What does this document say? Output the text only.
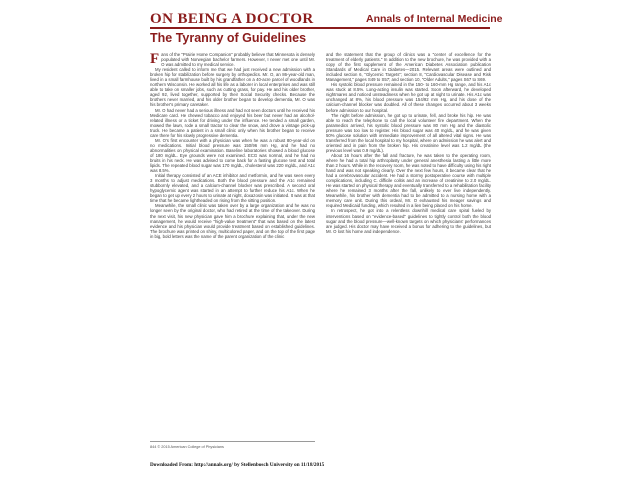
ON BEING A DOCTOR	Annals of Internal Medicine
The Tyranny of Guidelines

Fans of the "Prairie Home Companion" probably believe that Minnesota is densely populated with Norwegian bachelor farmers. However, I never met one until Mr. O was admitted to my medical service.

My resident called to inform me that we had just received a new admission with a broken hip for stabilization before surgery by orthopedics. Mr. O, an 86-year-old man, lived in a small farmhouse built by his grandfather on a 40-acre parcel of woodlands in northern Wisconsin. He worked all his life as a laborer in local enterprises and was still able to take on smaller jobs, such as cutting grass, for pay. He and his older brother, aged 92, lived together, supported by their Social Security checks. Because the brothers never married, and his older brother began to develop dementia, Mr. O was his brother's primary caretaker.

Mr. O had never had a serious illness and had not seen doctors until he received his Medicare card. He chewed tobacco and enjoyed his beer but never had an alcohol-related illness or a ticket for driving under the influence. He tended a small garden, mowed the lawn, rode a small tractor to clear the snow, and drove a vintage pick-up truck. He became a patient in a small clinic only when his brother began to receive care there for his slowly progressive dementia.

Mr. O's first encounter with a physician was when he was a robust 80-year-old on no medications. Initial blood pressure was 150/96 mm Hg, and he had no abnormalities on physical examination. Baseline laboratories showed a blood glucose of 180 mg/dL. Eye grounds were not examined. ECG was normal, and he had no bruits in his neck. He was advised to come back for a fasting glucose test and total lipids. The repeated blood sugar was 170 mg/dL, cholesterol was 220 mg/dL, and A1c was 8.5%.

Initial therapy consisted of an ACE inhibitor and metformin, and he was seen every 3 months to adjust medications. Both the blood pressure and the A1c remained stubbornly elevated, and a calcium-channel blocker was prescribed. A second oral hypoglycemic agent was started in an attempt to further reduce his A1c. When he began to get up every 2 hours to urinate at night, doxazosin was initiated. It was at that time that he became lightheaded on rising from the sitting position.

Meanwhile, the small clinic was taken over by a large organization and he was no longer seen by the original doctor, who had retired at the time of the takeover. During the next visit, his new physician gave him a brochure explaining that, under the new management, he would receive "high-value treatment" that was based on the latest evidence and his physician would provide treatment based on established guidelines. The brochure was printed on shiny, multicolored paper, and on the top of the first page in big, bold letters was the name of the parent organization of the clinic

and the statement that the group of clinics was a "center of excellence for the treatment of elderly patients." In addition to the new brochure, he was provided with a copy of the first supplement of the American Diabetes Association publication Standards of Medical Care in Diabetes—2015. Relevant areas were outlined and included section 6, "Glycemic Targets"; section 8, "Cardiovascular Disease and Risk Management," pages S49 to S57; and section 10, "Older Adults," pages S67 to S69.

His systolic blood pressure remained in the 150- to 160-mm Hg range, and his A1c was stuck at 8.5%. Long-acting insulin was started. Soon afterward, he developed nightmares and noticed unsteadiness when he got up at night to urinate. His A1c was unchanged at 8%, his blood pressure was 154/92 mm Hg, and his dose of the calcium-channel blocker was doubled. All of these changes occurred about 3 weeks before admission to our hospital.

The night before admission, he got up to urinate, fell, and broke his hip. He was able to reach the telephone to call the local volunteer fire department. When the paramedics arrived, his systolic blood pressure was 80 mm Hg and the diastolic pressure was too low to register. His blood sugar was 40 mg/dL, and he was given 50% glucose solution with immediate improvement of all altered vital signs. He was transferred from the local hospital to my hospital, where on admission he was alert and oriented and in pain from the broken hip. His creatinine level was 1.2 mg/dL (the previous level was 0.9 mg/dL).

About 16 hours after the fall and fracture, he was taken to the operating room, where he had a total hip arthroplasty under general anesthesia lasting a little more than 2 hours. While in the recovery room, he was noted to have difficulty using his right hand and was not speaking clearly. Over the next few hours, it became clear that he had a cerebrovascular accident. He had a stormy postoperative course with multiple complications, including C. difficile colitis and an increase of creatinine to 2.0 mg/dL. He was started on physical therapy and eventually transferred to a rehabilitation facility where he remained 3 months after the fall, unlikely to ever live independently. Meanwhile, his brother with dementia had to be admitted to a nursing home with a memory care unit. During this ordeal, Mr. O exhausted his meager savings and required Medicaid funding, which resulted in a lien being placed on his home.

In retrospect, he got into a relentless downhill medical care spiral fueled by interventions based on "evidence-based" guidelines to tightly control both the blood sugar and the blood pressure—well-known targets on which physicians' performances are judged. His doctor may have received a bonus for adhering to the guidelines, but Mr. O lost his home and independence.

844 © 2015 American College of Physicians
Downloaded From: http://annals.org/ by Stellenbosch University on 11/18/2015
